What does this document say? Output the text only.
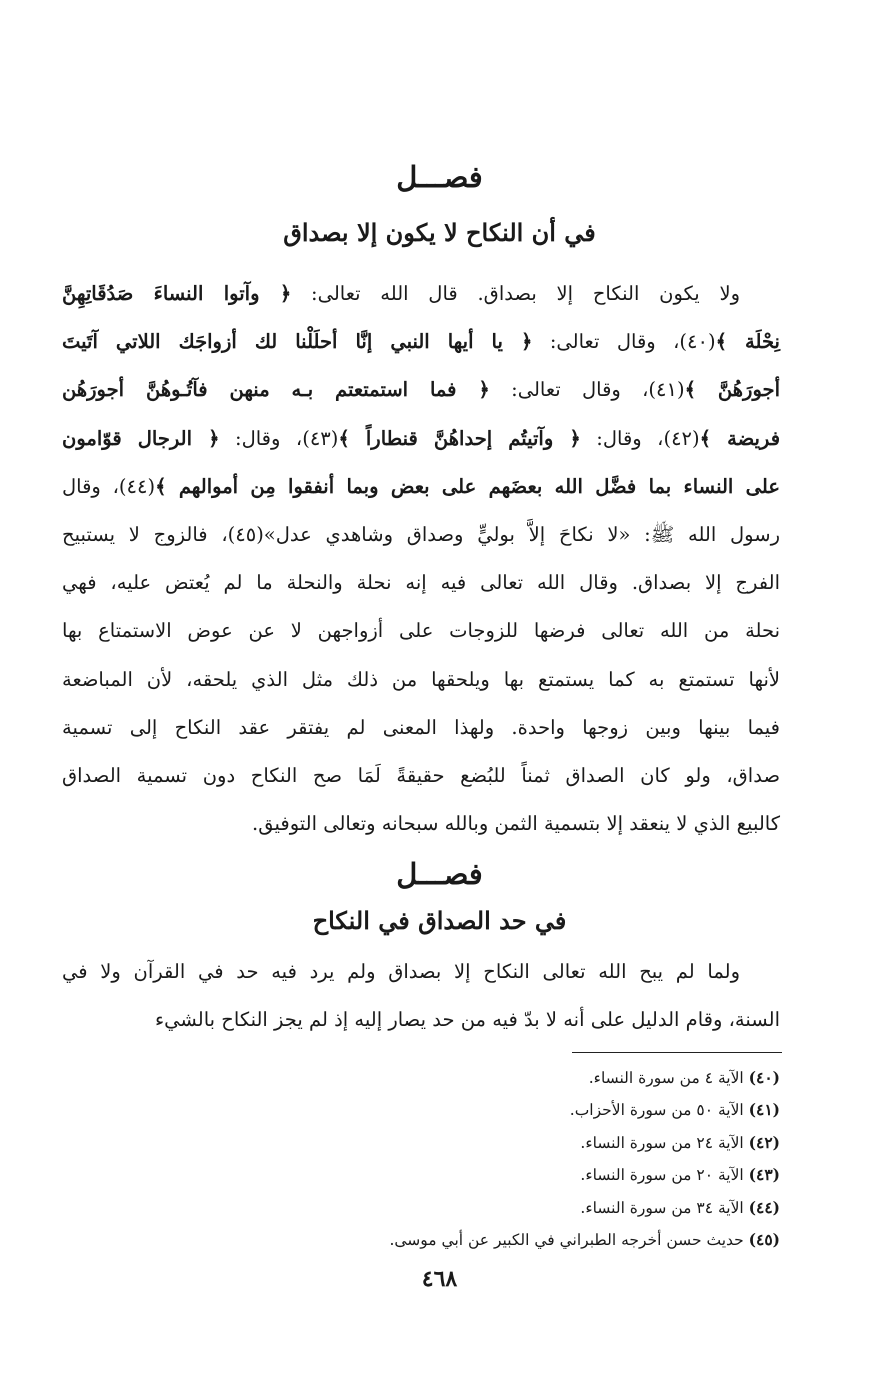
فصـــل
في أن النكاح لا يكون إلا بصداق
ولا يكون النكاح إلا بصداق. قال الله تعالى: ﴿ وآتوا النساءَ صَدُقَاتِهِنَّ
نِحْلَة ﴾(٤٠)، وقال تعالى: ﴿ يا أيها النبي إنَّا أحلَلْنا لك أزواجَك اللاتي آتَيتَ
أجورَهُنَّ ﴾(٤١)، وقال تعالى: ﴿ فما استمتعتم بـه منهن فآتُـوهُنَّ أجورَهُن
فريضة ﴾(٤٢)، وقال: ﴿ وآتيتُم إحداهُنَّ قنطاراً ﴾(٤٣)، وقال: ﴿ الرجال قوّامون
على النساء بما فضَّل الله بعضَهم على بعض وبما أنفقوا مِن أموالهم ﴾(٤٤)، وقال
رسول الله ﷺ: «لا نكاحَ إلاَّ بوليٍّ وصداق وشاهدي عدل»(٤٥)، فالزوج لا يستبيح
الفرج إلا بصداق. وقال الله تعالى فيه إنه نحلة والنحلة ما لم يُعتض عليه، فهي
نحلة من الله تعالى فرضها للزوجات على أزواجهن لا عن عوض الاستمتاع بها
لأنها تستمتع به كما يستمتع بها ويلحقها من ذلك مثل الذي يلحقه، لأن المباضعة
فيما بينها وبين زوجها واحدة. ولهذا المعنى لم يفتقر عقد النكاح إلى تسمية
صداق، ولو كان الصداق ثمناً للبُضع حقيقةً لَمَا صح النكاح دون تسمية الصداق
كالبيع الذي لا ينعقد إلا بتسمية الثمن وبالله سبحانه وتعالى التوفيق.
فصـــل
في حد الصداق في النكاح
ولما لم يبح الله تعالى النكاح إلا بصداق ولم يرد فيه حد في القرآن ولا في
السنة، وقام الدليل على أنه لا بدّ فيه من حد يصار إليه إذ لم يجز النكاح بالشيء
(٤٠) الآية ٤ من سورة النساء.
(٤١) الآية ٥٠ من سورة الأحزاب.
(٤٢) الآية ٢٤ من سورة النساء.
(٤٣) الآية ٢٠ من سورة النساء.
(٤٤) الآية ٣٤ من سورة النساء.
(٤٥) حديث حسن أخرجه الطبراني في الكبير عن أبي موسى.
٤٦٨
